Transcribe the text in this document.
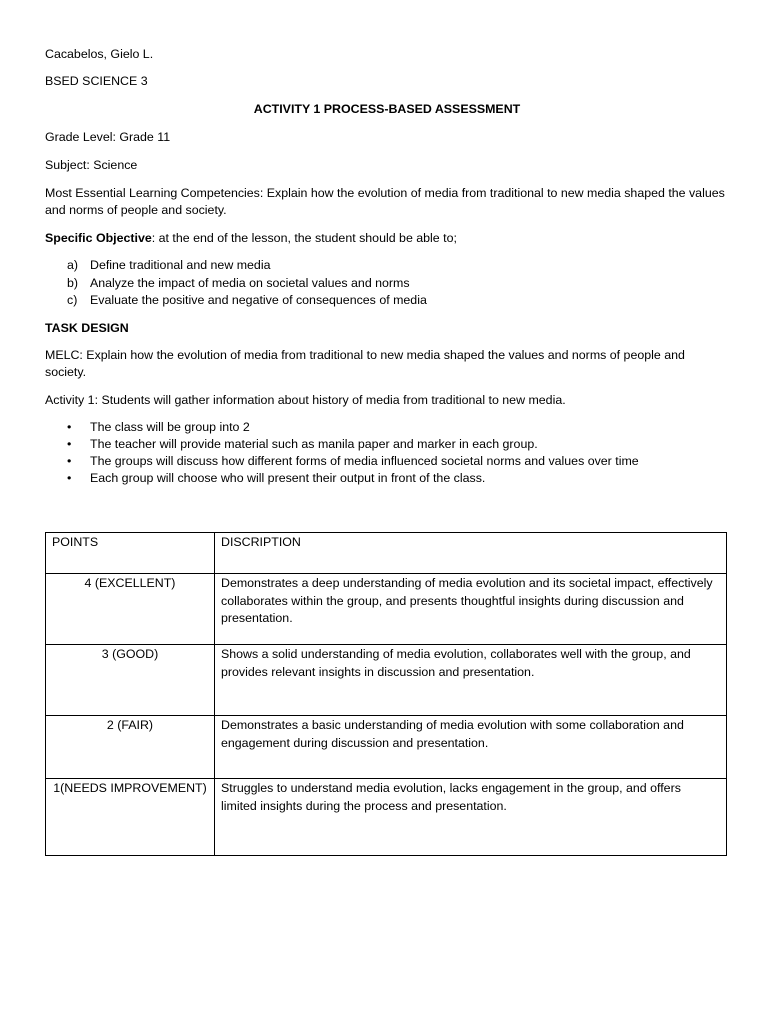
Cacabelos, Gielo L.

BSED SCIENCE 3

ACTIVITY 1 PROCESS-BASED ASSESSMENT

Grade Level: Grade 11

Subject: Science

Most Essential Learning Competencies: Explain how the evolution of media from traditional to new media shaped the values and norms of people and society.

Specific Objective: at the end of the lesson, the student should be able to;

a) Define traditional and new media
b) Analyze the impact of media on societal values and norms
c) Evaluate the positive and negative of consequences of media

TASK DESIGN

MELC: Explain how the evolution of media from traditional to new media shaped the values and norms of people and society.

Activity 1: Students will gather information about history of media from traditional to new media.

• The class will be group into 2
• The teacher will provide material such as manila paper and marker in each group.
• The groups will discuss how different forms of media influenced societal norms and values over time
• Each group will choose who will present their output in front of the class.
POINTS	DISCRIPTION
4 (EXCELLENT)	Demonstrates a deep understanding of media evolution and its societal impact, effectively collaborates within the group, and presents thoughtful insights during discussion and presentation.
3 (GOOD)	Shows a solid understanding of media evolution, collaborates well with the group, and provides relevant insights in discussion and presentation.
2 (FAIR)	Demonstrates a basic understanding of media evolution with some collaboration and engagement during discussion and presentation.
1(NEEDS IMPROVEMENT)	Struggles to understand media evolution, lacks engagement in the group, and offers limited insights during the process and presentation.
